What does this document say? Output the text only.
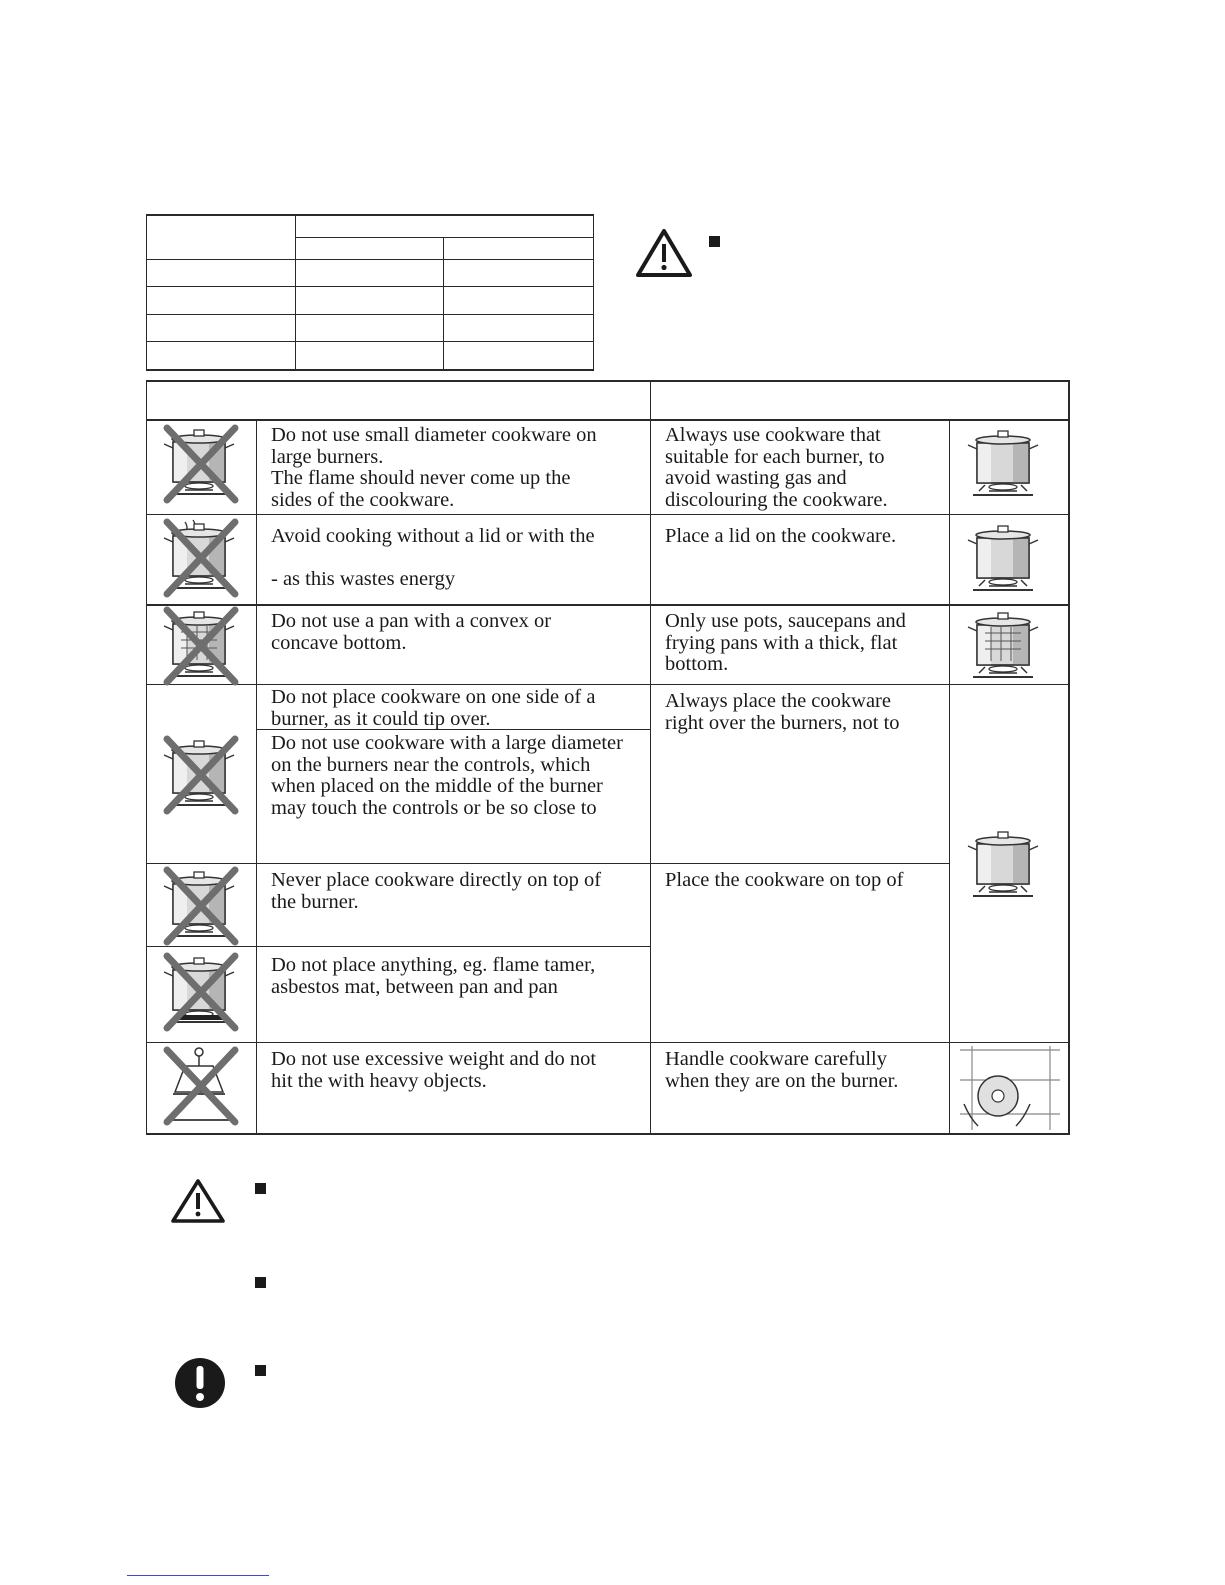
Do not use small diameter cookware on
large burners.
The flame should never come up the
sides of the cookware.
Always use cookware that
suitable for each burner, to
avoid wasting gas and
discolouring the cookware.
Avoid cooking without a lid or with the

- as this wastes energy
Place a lid on the cookware.
Do not use a pan with a convex or
concave bottom.
Only use pots, saucepans and
frying pans with a thick, flat
bottom.
Do not place cookware on one side of a
burner, as it could tip over.
Do not use cookware with a large diameter
on the burners near the controls, which
when placed on the middle of the burner
may touch the controls or be so close to
Always place the cookware
right over the burners, not to
Never place cookware directly on top of
the burner.
Place the cookware on top of
Do not place anything, eg. flame tamer,
asbestos mat, between pan and pan
Do not use excessive weight and do not
hit the with heavy objects.
Handle cookware carefully
when they are on the burner.
